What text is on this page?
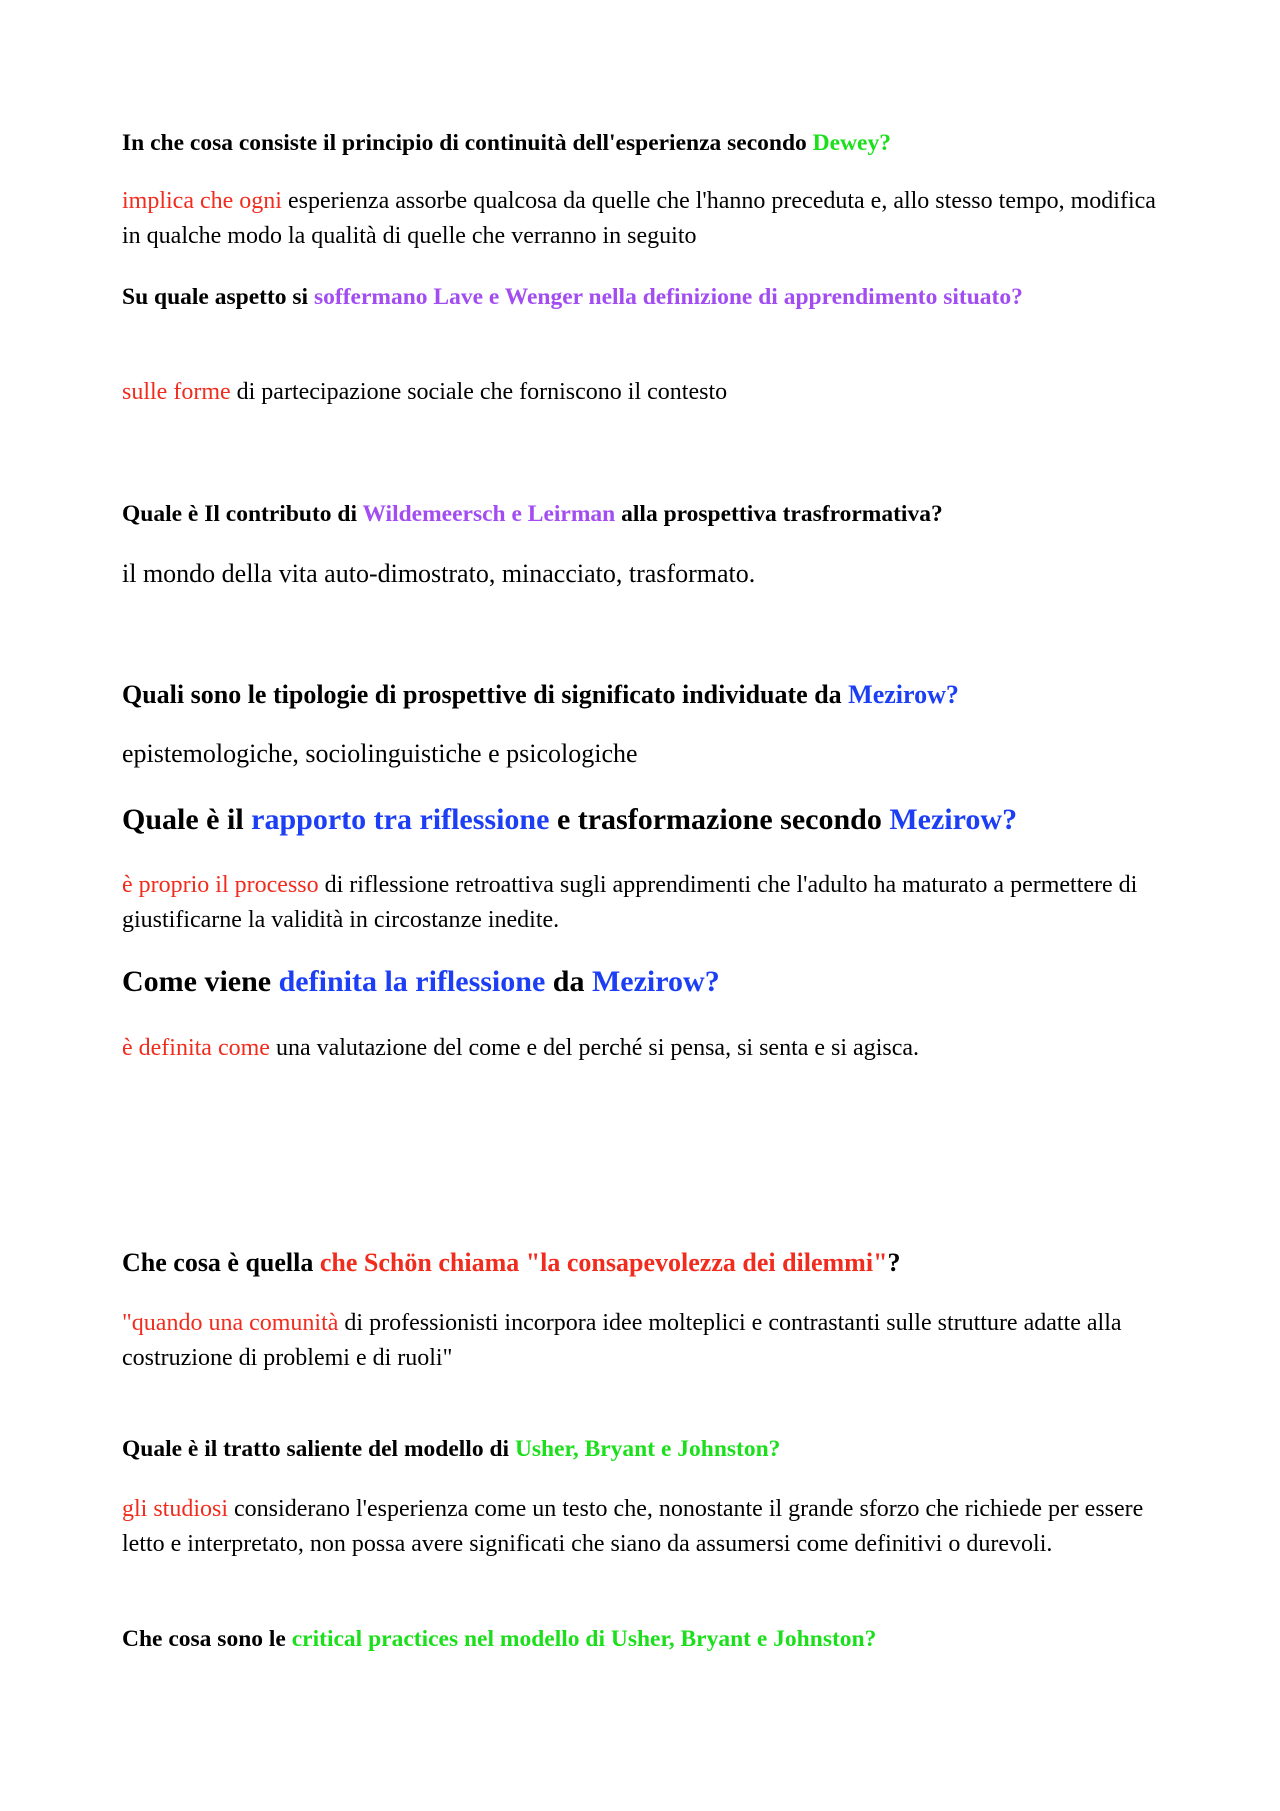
In che cosa consiste il principio di continuità dell'esperienza secondo Dewey?

implica che ogni esperienza assorbe qualcosa da quelle che l'hanno preceduta e, allo stesso tempo, modifica in qualche modo la qualità di quelle che verranno in seguito

Su quale aspetto si soffermano Lave e Wenger nella definizione di apprendimento situato?

sulle forme di partecipazione sociale che forniscono il contesto

Quale è Il contributo di Wildemeersch e Leirman alla prospettiva trasfrormativa?

il mondo della vita auto-dimostrato, minacciato, trasformato.

Quali sono le tipologie di prospettive di significato individuate da Mezirow?

epistemologiche, sociolinguistiche e psicologiche

Quale è il rapporto tra riflessione e trasformazione secondo Mezirow?

è proprio il processo di riflessione retroattiva sugli apprendimenti che l'adulto ha maturato a permettere di giustificarne la validità in circostanze inedite.

Come viene definita la riflessione da Mezirow?

è definita come una valutazione del come e del perché si pensa, si senta e si agisca.

Che cosa è quella che Schön chiama "la consapevolezza dei dilemmi"?

"quando una comunità di professionisti incorpora idee molteplici e contrastanti sulle strutture adatte alla costruzione di problemi e di ruoli"

Quale è il tratto saliente del modello di Usher, Bryant e Johnston?

gli studiosi considerano l'esperienza come un testo che, nonostante il grande sforzo che richiede per essere letto e interpretato, non possa avere significati che siano da assumersi come definitivi o durevoli.

Che cosa sono le critical practices nel modello di Usher, Bryant e Johnston?
